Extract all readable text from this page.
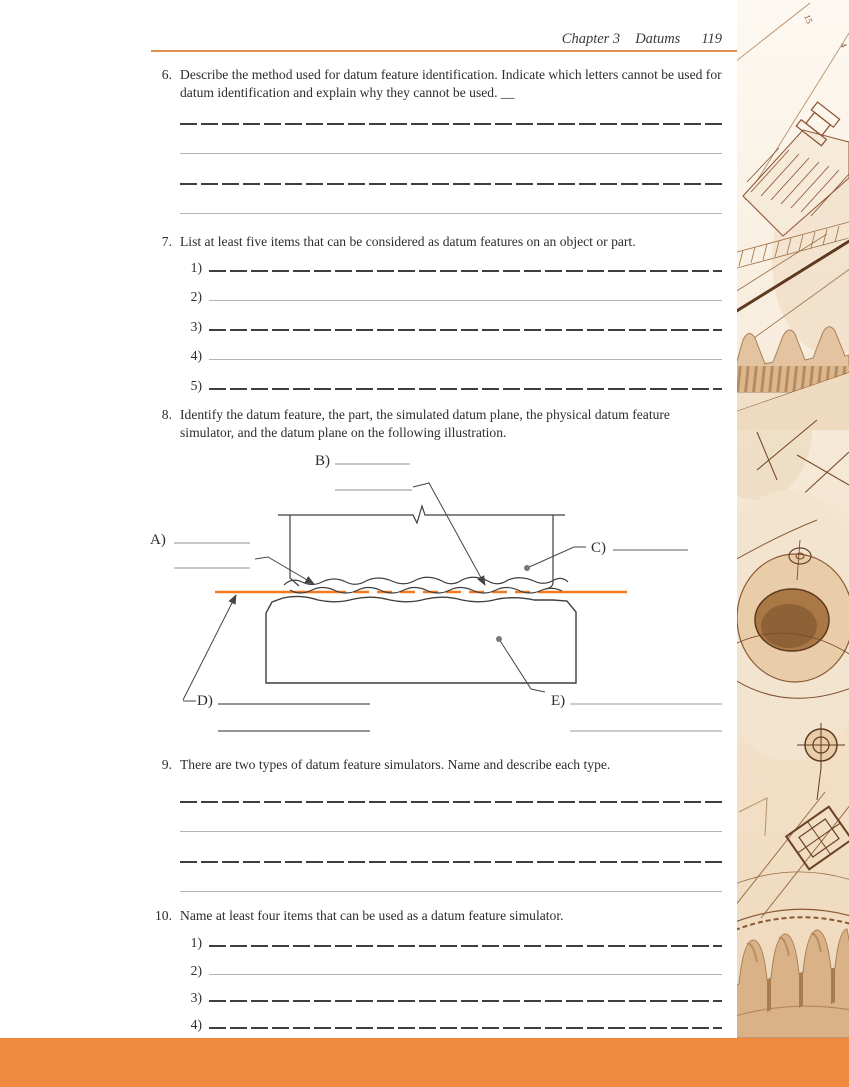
Chapter 3 Datums 119
6. Describe the method used for datum feature identification. Indicate which letters cannot be used for datum identification and explain why they cannot be used. __
7. List at least five items that can be considered as datum features on an object or part.
1)
2)
3)
4)
5)
8. Identify the datum feature, the part, the simulated datum plane, the physical datum feature simulator, and the datum plane on the following illustration.
B)
A)	C)
D)	E)
9. There are two types of datum feature simulators. Name and describe each type.
10. Name at least four items that can be used as a datum feature simulator.
1)
2)
3)
4)
15
4
